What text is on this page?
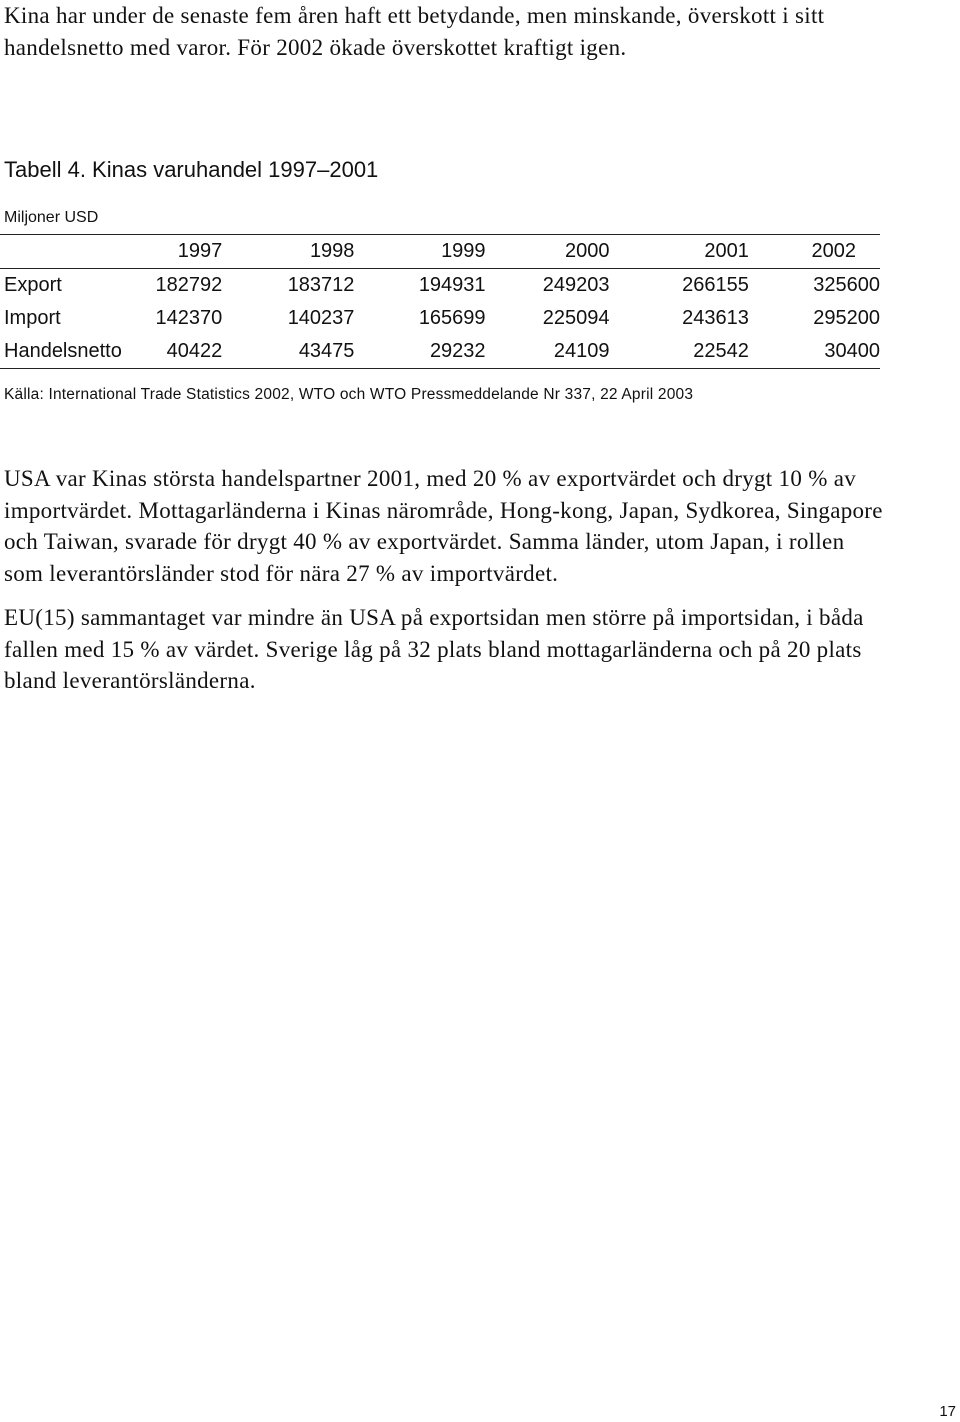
Kina har under de senaste fem åren haft ett betydande, men minskande, överskott i sitt handelsnetto med varor. För 2002 ökade överskottet kraftigt igen.

Tabell 4. Kinas varuhandel 1997–2001

Miljoner USD

	1997	1998	1999	2000	2001	2002
Export	182792	183712	194931	249203	266155	325600
Import	142370	140237	165699	225094	243613	295200
Handelsnetto	40422	43475	29232	24109	22542	30400

Källa: International Trade Statistics 2002, WTO och WTO Pressmeddelande Nr 337, 22 April 2003

USA var Kinas största handelspartner 2001, med 20 % av exportvärdet och drygt 10 % av importvärdet. Mottagarländerna i Kinas närområde, Hong-kong, Japan, Sydkorea, Singapore och Taiwan, svarade för drygt 40 % av exportvärdet. Samma länder, utom Japan, i rollen som leverantörsländer stod för nära 27 % av importvärdet.

EU(15) sammantaget var mindre än USA på exportsidan men större på importsidan, i båda fallen med 15 % av värdet. Sverige låg på 32 plats bland mottagarländerna och på 20 plats bland leverantörsländerna.

17
